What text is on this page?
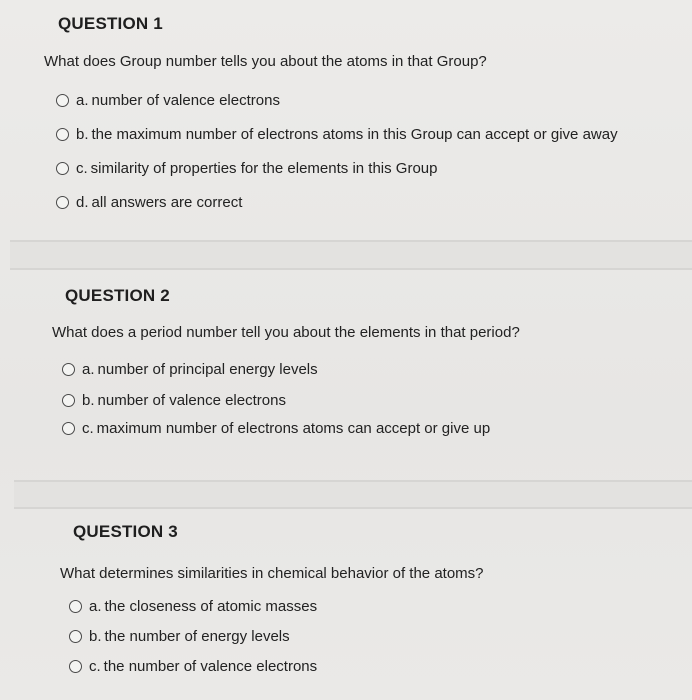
QUESTION 1

What does Group number tells you about the atoms in that Group?

a. number of valence electrons
b. the maximum number of electrons atoms in this Group can accept or give away
c. similarity of properties for the elements in this Group
d. all answers are correct
QUESTION 2

What does a period number tell you about the elements in that period?

a. number of principal energy levels
b. number of valence electrons
c. maximum number of electrons atoms can accept or give up
QUESTION 3

What determines similarities in chemical behavior of the atoms?

a. the closeness of atomic masses
b. the number of energy levels
c. the number of valence electrons
